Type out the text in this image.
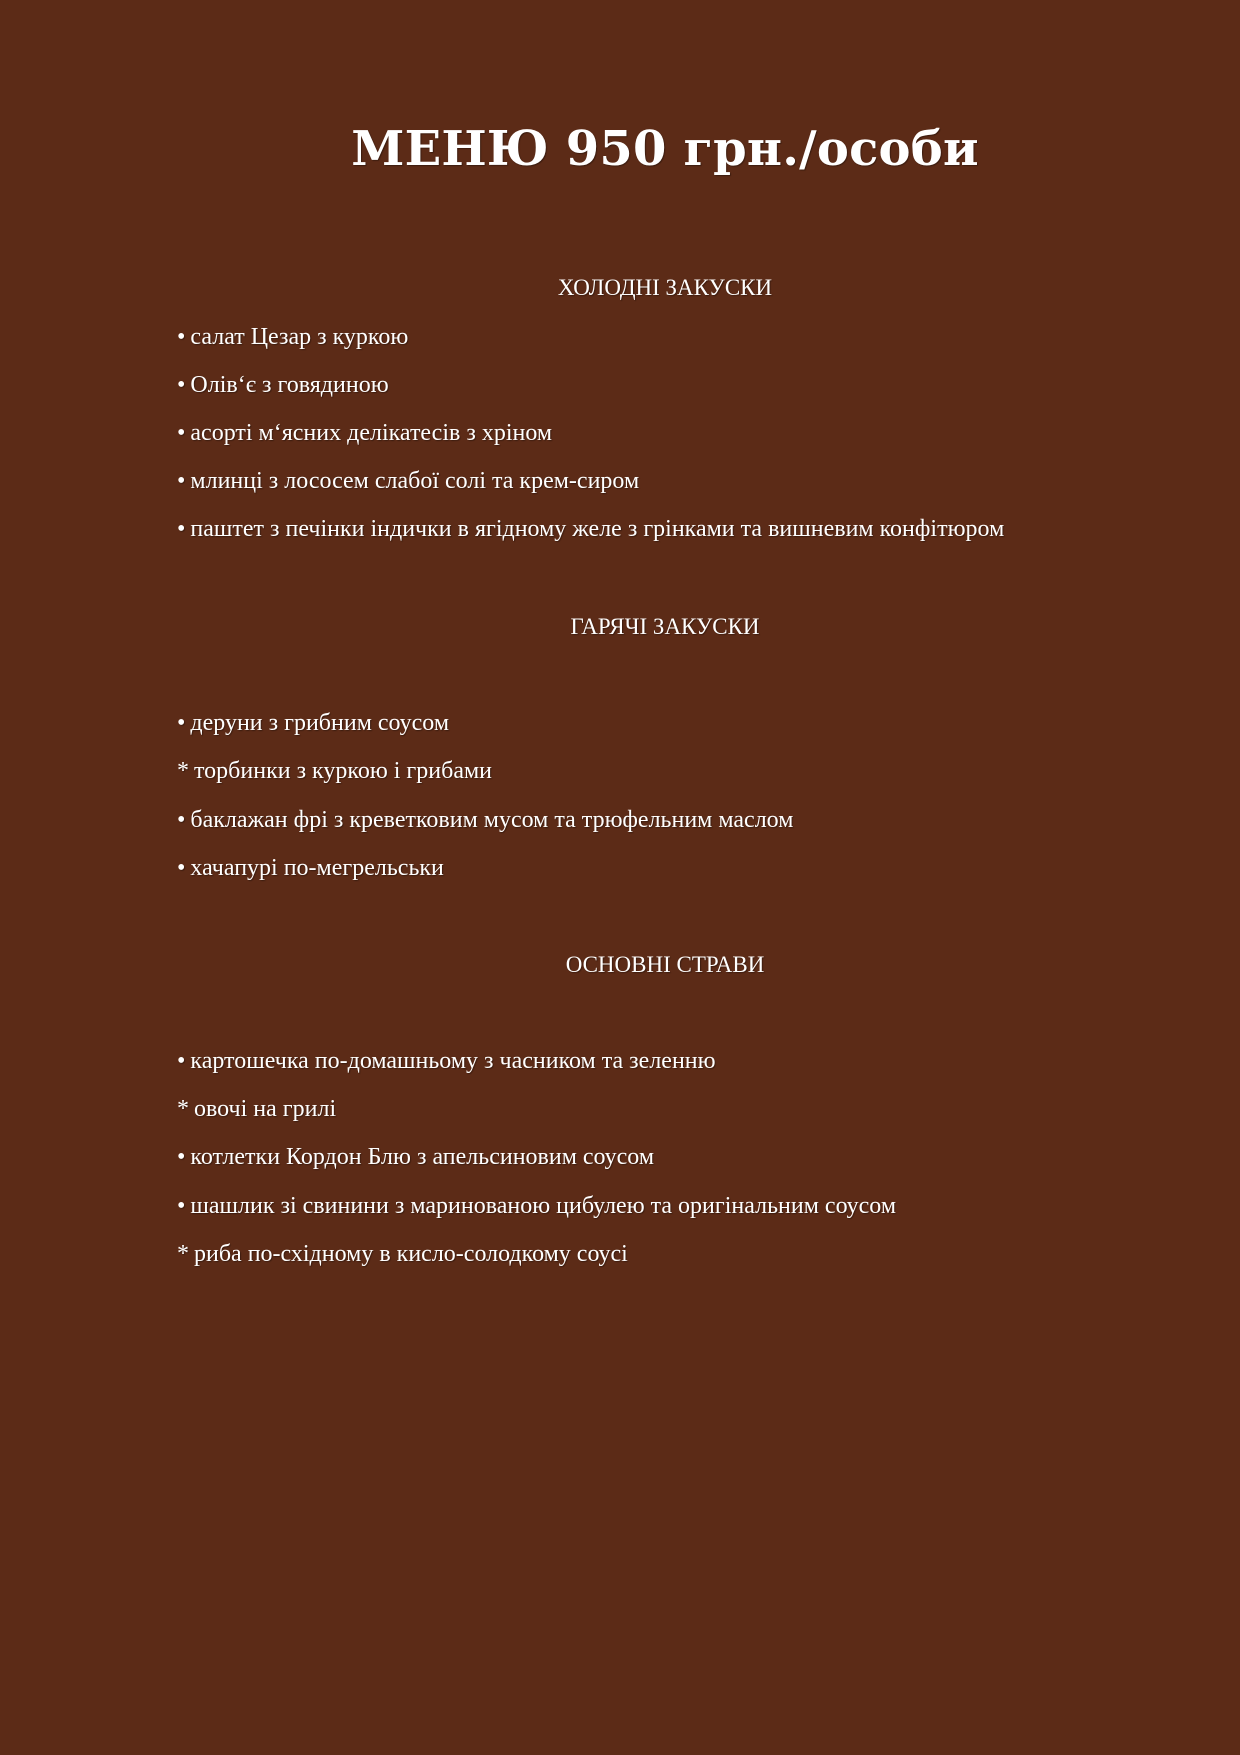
МЕНЮ 950 грн./особи
ХОЛОДНІ ЗАКУСКИ
• салат Цезар з куркою
• Олів‘є з говядиною
• асорті м‘ясних делікатесів з хріном
• млинці з лососем слабої солі та крем-сиром
• паштет з печінки індички в ягідному желе з грінками та вишневим конфітюром
ГАРЯЧІ ЗАКУСКИ
• деруни з грибним соусом
* торбинки з куркою і грибами
• баклажан фрі з креветковим мусом та трюфельним маслом
• хачапурі по-мегрельськи
ОСНОВНІ СТРАВИ
• картошечка по-домашньому з часником та зеленню
* овочі на грилі
• котлетки Кордон Блю з апельсиновим соусом
• шашлик зі свинини з маринованою цибулею та оригінальним соусом
* риба по-східному в кисло-солодкому соусі
